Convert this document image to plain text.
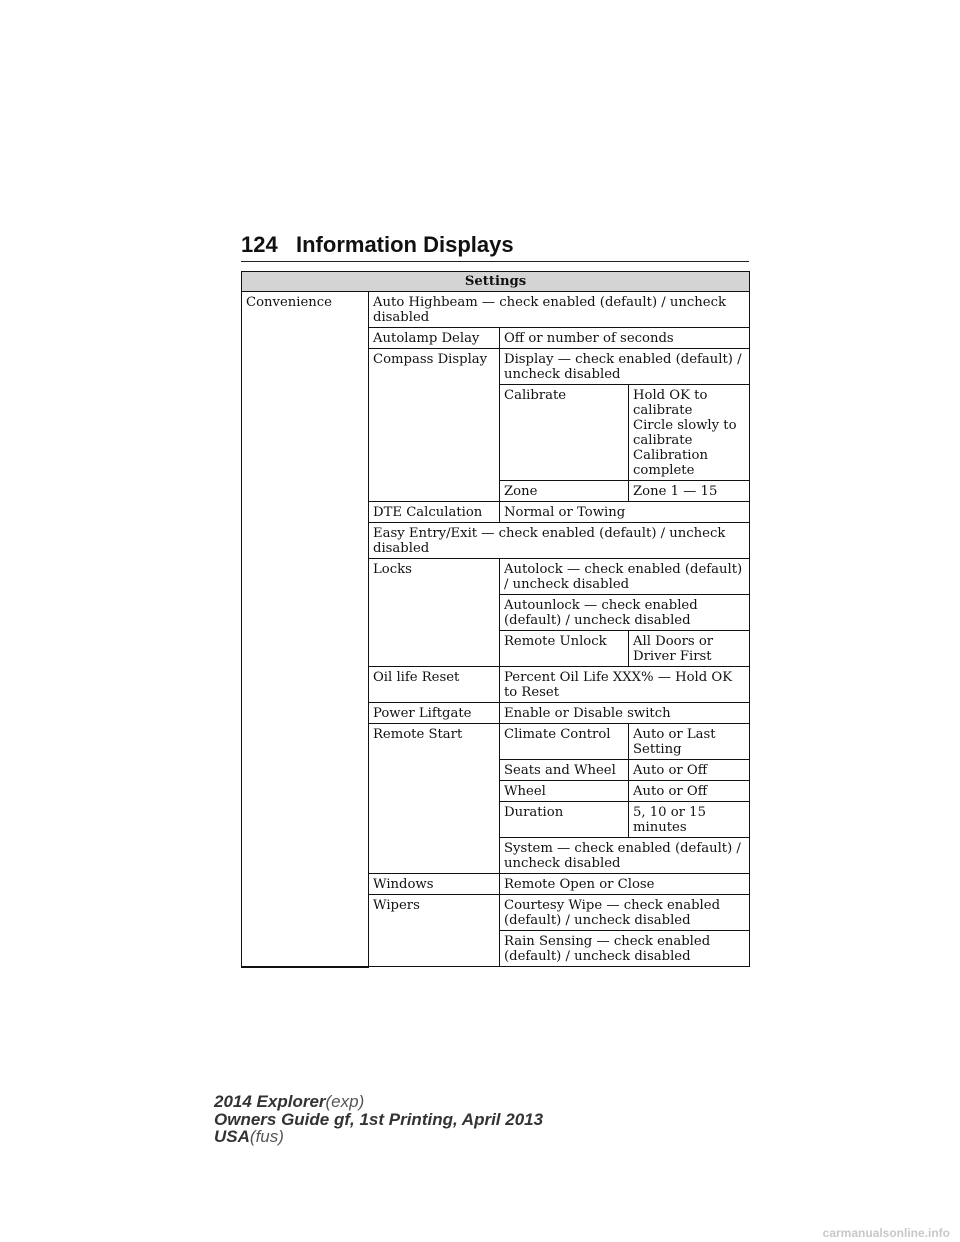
124 Information Displays
Settings			
Convenience	Auto Highbeam — check enabled (default) / uncheck disabled		
	Autolamp Delay	Off or number of seconds	
	Compass Display	Display — check enabled (default) / uncheck disabled	
		Calibrate	Hold OK to calibrate
Circle slowly to calibrate
Calibration complete

		Zone	Zone 1 — 15
	DTE Calculation	Normal or Towing	
	Easy Entry/Exit — check enabled (default) / uncheck disabled		
	Locks	Autolock — check enabled (default) / uncheck disabled	
		Autounlock — check enabled (default) / uncheck disabled	
		Remote Unlock	All Doors or Driver First
	Oil life Reset	Percent Oil Life XXX% — Hold OK to Reset	
	Power Liftgate	Enable or Disable switch	
	Remote Start	Climate Control	Auto or Last Setting
		Seats and Wheel	Auto or Off
		Wheel	Auto or Off
		Duration	5, 10 or 15 minutes
		System — check enabled (default) / uncheck disabled	
	Windows	Remote Open or Close	
	Wipers	Courtesy Wipe — check enabled (default) / uncheck disabled	
		Rain Sensing — check enabled (default) / uncheck disabled	
2014 Explorer(exp)
Owners Guide gf, 1st Printing, April 2013
USA(fus)
carmanualsonline.info
